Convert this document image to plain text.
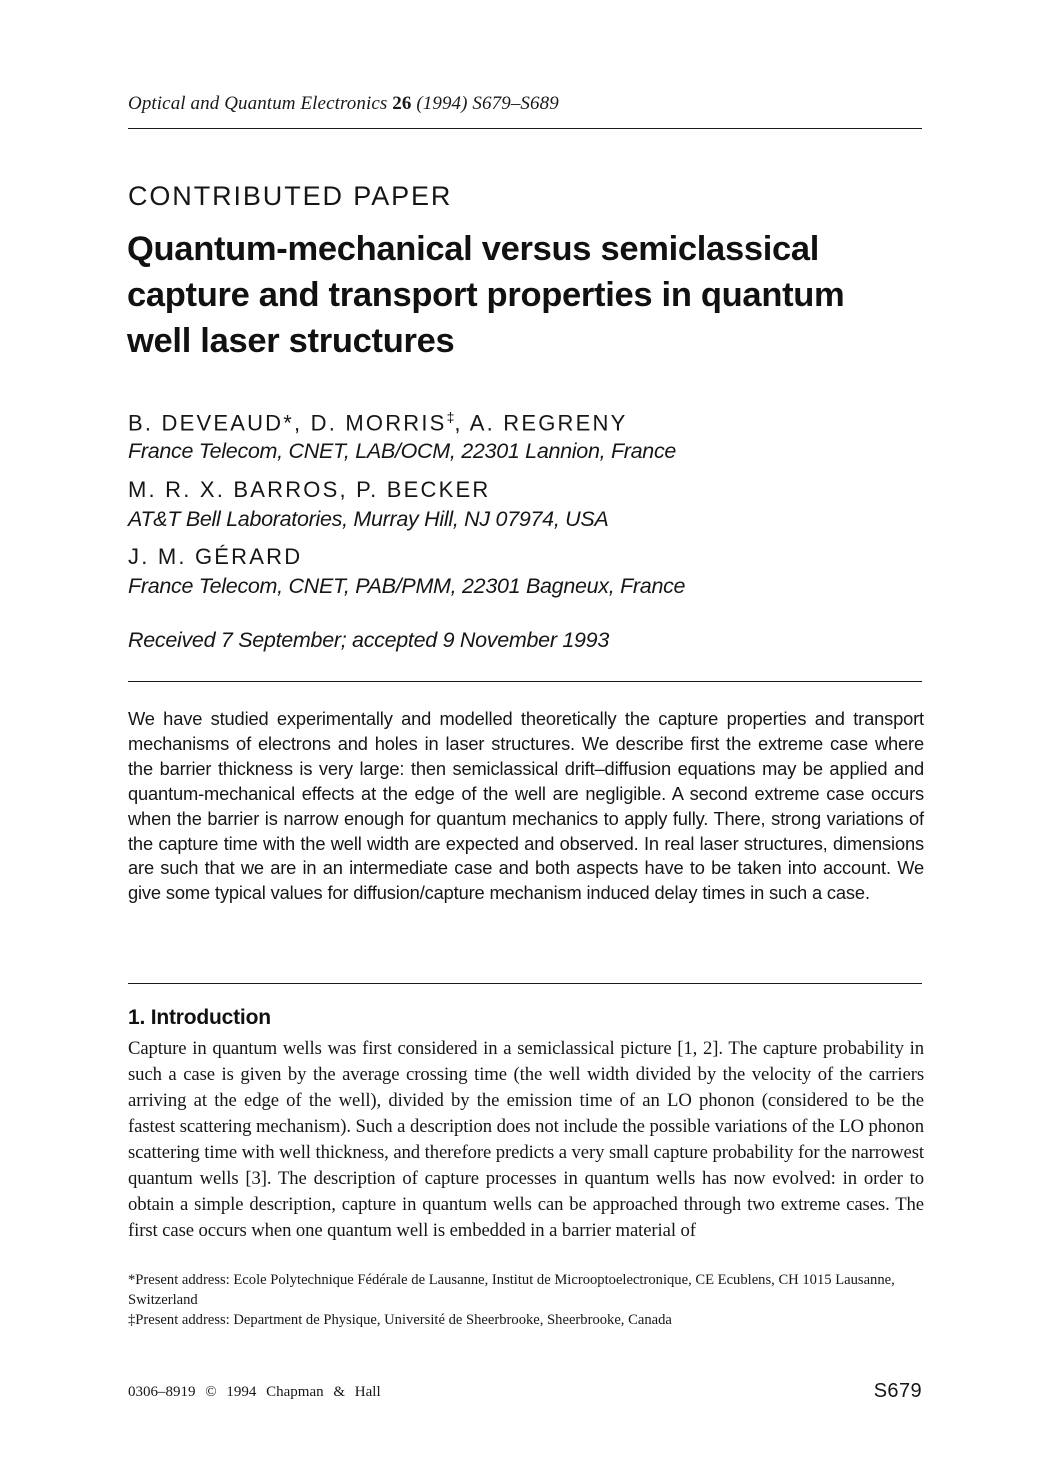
Optical and Quantum Electronics 26 (1994) S679–S689
CONTRIBUTED PAPER
Quantum-mechanical versus semiclassical
capture and transport properties in quantum
well laser structures
B. DEVEAUD*, D. MORRIS‡, A. REGRENY
France Telecom, CNET, LAB/OCM, 22301 Lannion, France
M. R. X. BARROS, P. BECKER
AT&T Bell Laboratories, Murray Hill, NJ 07974, USA
J. M. GÉRARD
France Telecom, CNET, PAB/PMM, 22301 Bagneux, France
Received 7 September; accepted 9 November 1993

We have studied experimentally and modelled theoretically the capture properties and transport mechanisms of electrons and holes in laser structures. We describe first the extreme case where the barrier thickness is very large: then semiclassical drift–diffusion equations may be applied and quantum-mechanical effects at the edge of the well are negligible. A second extreme case occurs when the barrier is narrow enough for quantum mechanics to apply fully. There, strong variations of the capture time with the well width are expected and observed. In real laser structures, dimensions are such that we are in an intermediate case and both aspects have to be taken into account. We give some typical values for diffusion/capture mechanism induced delay times in such a case.

1. Introduction

Capture in quantum wells was first considered in a semiclassical picture [1, 2]. The capture probability in such a case is given by the average crossing time (the well width divided by the velocity of the carriers arriving at the edge of the well), divided by the emission time of an LO phonon (considered to be the fastest scattering mechanism). Such a description does not include the possible variations of the LO phonon scattering time with well thickness, and therefore predicts a very small capture probability for the narrowest quantum wells [3]. The description of capture processes in quantum wells has now evolved: in order to obtain a simple description, capture in quantum wells can be approached through two extreme cases. The first case occurs when one quantum well is embedded in a barrier material of

*Present address: Ecole Polytechnique Fédérale de Lausanne, Institut de Microoptoelectronique, CE Ecublens, CH 1015 Lausanne, Switzerland

‡Present address: Department de Physique, Université de Sheerbrooke, Sheerbrooke, Canada

0306–8919 © 1994 Chapman & Hall	S679
